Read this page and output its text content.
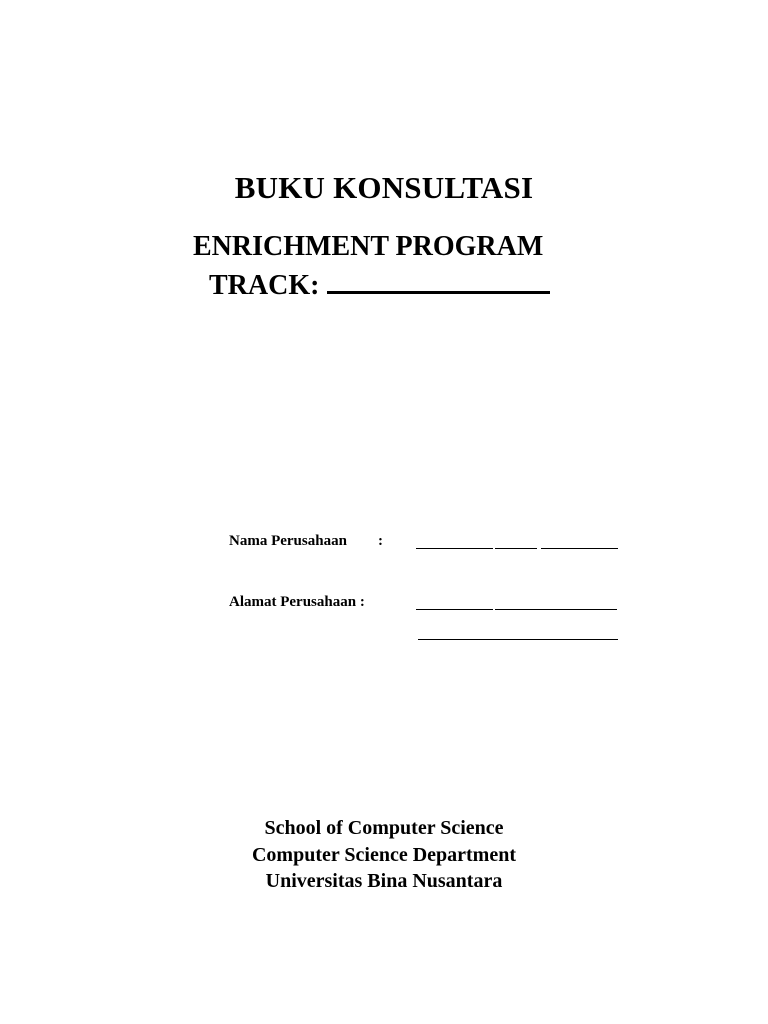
BUKU KONSULTASI
ENRICHMENT PROGRAM
TRACK:
Nama Perusahaan :
Alamat Perusahaan :
School of Computer Science
Computer Science Department
Universitas Bina Nusantara
